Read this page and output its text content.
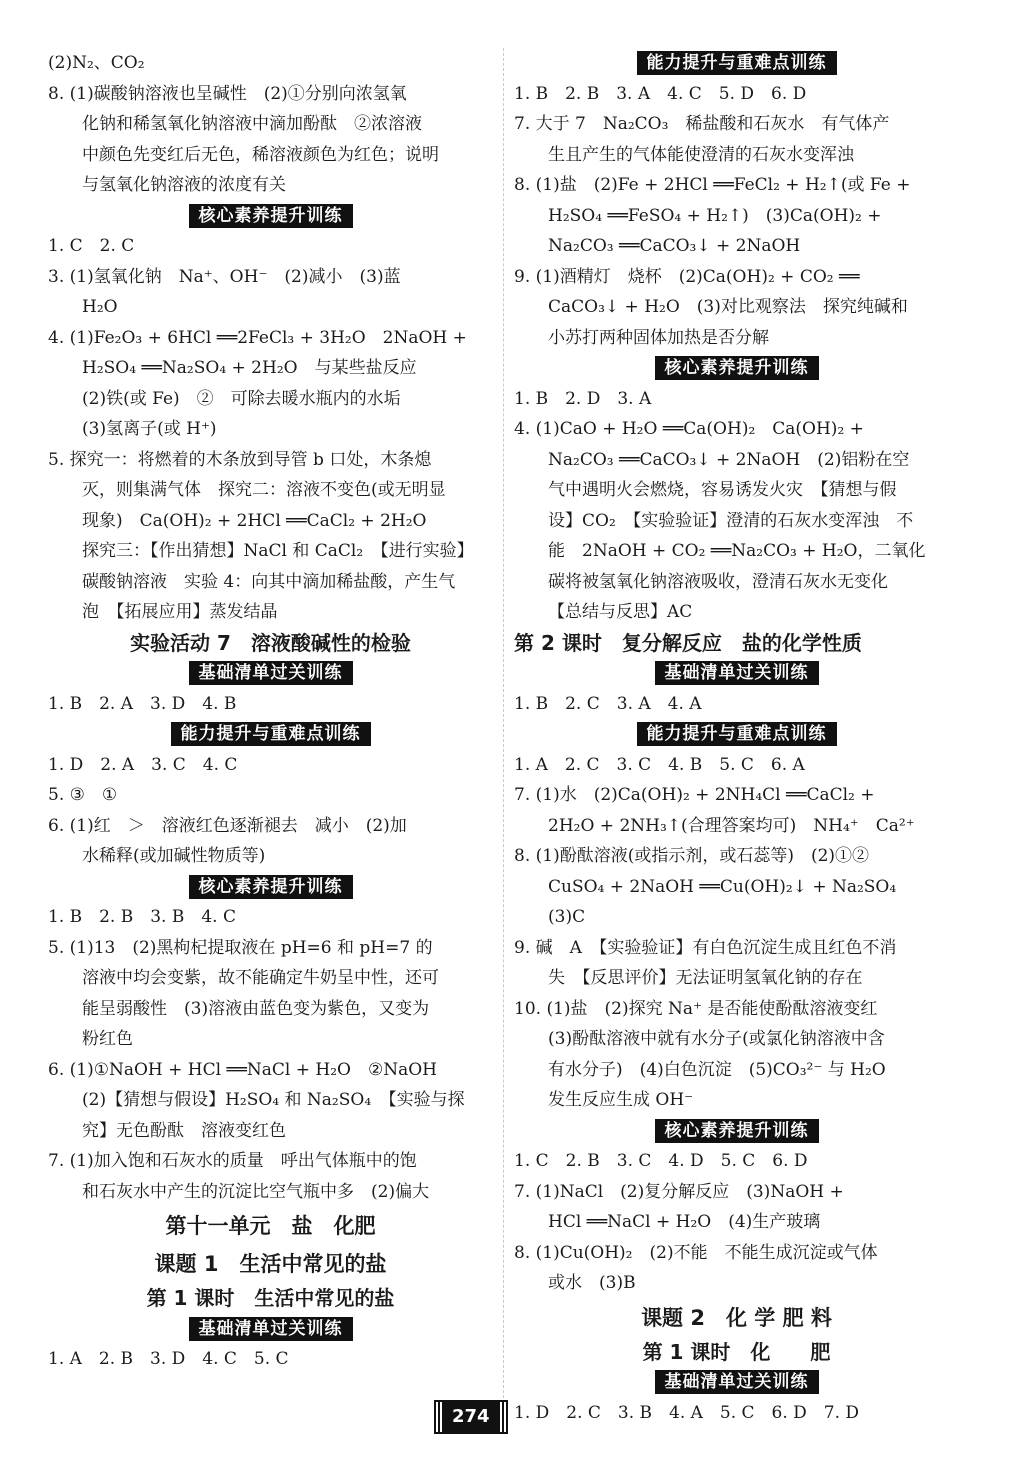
(2)N₂、CO₂
8. (1)碳酸钠溶液也呈碱性　(2)①分别向浓氢氧
化钠和稀氢氧化钠溶液中滴加酚酞　②浓溶液
中颜色先变红后无色，稀溶液颜色为红色；说明
与氢氧化钠溶液的浓度有关
核心素养提升训练
1. C　2. C
3. (1)氢氧化钠　Na⁺、OH⁻　(2)减小　(3)蓝
H₂O
4. (1)Fe₂O₃ + 6HCl ══2FeCl₃ + 3H₂O　2NaOH +
H₂SO₄ ══Na₂SO₄ + 2H₂O　与某些盐反应
(2)铁(或 Fe)　②　可除去暖水瓶内的水垢
(3)氢离子(或 H⁺)
5. 探究一：将燃着的木条放到导管 b 口处，木条熄
灭，则集满气体　探究二：溶液不变色(或无明显
现象)　Ca(OH)₂ + 2HCl ══CaCl₂ + 2H₂O
探究三：【作出猜想】NaCl 和 CaCl₂　【进行实验】
碳酸钠溶液　实验 4：向其中滴加稀盐酸，产生气
泡　【拓展应用】蒸发结晶
实验活动 7　溶液酸碱性的检验
基础清单过关训练
1. B　2. A　3. D　4. B
能力提升与重难点训练
1. D　2. A　3. C　4. C
5. ③　①
6. (1)红　＞　溶液红色逐渐褪去　减小　(2)加
水稀释(或加碱性物质等)
核心素养提升训练
1. B　2. B　3. B　4. C
5. (1)13　(2)黑枸杞提取液在 pH=6 和 pH=7 的
溶液中均会变紫，故不能确定牛奶呈中性，还可
能呈弱酸性　(3)溶液由蓝色变为紫色，又变为
粉红色
6. (1)①NaOH + HCl ══NaCl + H₂O　②NaOH
(2)【猜想与假设】H₂SO₄ 和 Na₂SO₄　【实验与探
究】无色酚酞　溶液变红色
7. (1)加入饱和石灰水的质量　呼出气体瓶中的饱
和石灰水中产生的沉淀比空气瓶中多　(2)偏大
第十一单元　盐　化肥
课题 1　生活中常见的盐
第 1 课时　生活中常见的盐
基础清单过关训练
1. A　2. B　3. D　4. C　5. C
能力提升与重难点训练
1. B　2. B　3. A　4. C　5. D　6. D
7. 大于 7　Na₂CO₃　稀盐酸和石灰水　有气体产
生且产生的气体能使澄清的石灰水变浑浊
8. (1)盐　(2)Fe + 2HCl ══FeCl₂ + H₂↑(或 Fe +
H₂SO₄ ══FeSO₄ + H₂↑)　(3)Ca(OH)₂ +
Na₂CO₃ ══CaCO₃↓ + 2NaOH
9. (1)酒精灯　烧杯　(2)Ca(OH)₂ + CO₂ ══
CaCO₃↓ + H₂O　(3)对比观察法　探究纯碱和
小苏打两种固体加热是否分解
核心素养提升训练
1. B　2. D　3. A
4. (1)CaO + H₂O ══Ca(OH)₂　Ca(OH)₂ +
Na₂CO₃ ══CaCO₃↓ + 2NaOH　(2)铝粉在空
气中遇明火会燃烧，容易诱发火灾　【猜想与假
设】CO₂　【实验验证】澄清的石灰水变浑浊　不
能　2NaOH + CO₂ ══Na₂CO₃ + H₂O，二氧化
碳将被氢氧化钠溶液吸收，澄清石灰水无变化
【总结与反思】AC
第 2 课时　复分解反应　盐的化学性质
基础清单过关训练
1. B　2. C　3. A　4. A
能力提升与重难点训练
1. A　2. C　3. C　4. B　5. C　6. A
7. (1)水　(2)Ca(OH)₂ + 2NH₄Cl ══CaCl₂ +
2H₂O + 2NH₃↑(合理答案均可)　NH₄⁺　Ca²⁺
8. (1)酚酞溶液(或指示剂，或石蕊等)　(2)①②
CuSO₄ + 2NaOH ══Cu(OH)₂↓ + Na₂SO₄
(3)C
9. 碱　A　【实验验证】有白色沉淀生成且红色不消
失　【反思评价】无法证明氢氧化钠的存在
10. (1)盐　(2)探究 Na⁺ 是否能使酚酞溶液变红
(3)酚酞溶液中就有水分子(或氯化钠溶液中含
有水分子)　(4)白色沉淀　(5)CO₃²⁻ 与 H₂O
发生反应生成 OH⁻
核心素养提升训练
1. C　2. B　3. C　4. D　5. C　6. D
7. (1)NaCl　(2)复分解反应　(3)NaOH +
HCl ══NaCl + H₂O　(4)生产玻璃
8. (1)Cu(OH)₂　(2)不能　不能生成沉淀或气体
或水　(3)B
课题 2　化 学 肥 料
第 1 课时　化　　肥
基础清单过关训练
1. D　2. C　3. B　4. A　5. C　6. D　7. D
274
